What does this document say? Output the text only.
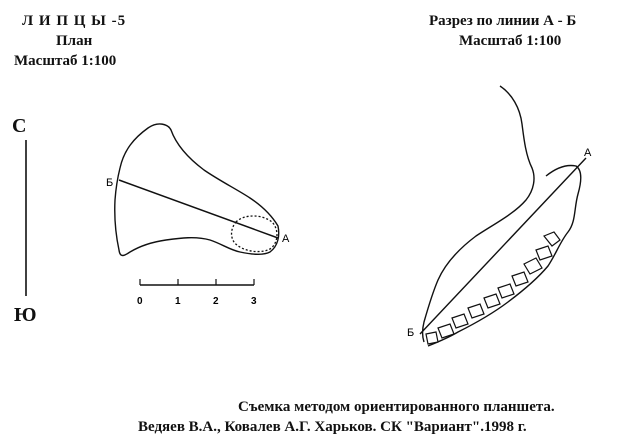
Л И П Ц Ы -5
План
Масштаб 1:100
Разрез по линии А - Б
Масштаб 1:100
С
Ю
Съемка методом ориентированного планшета.
Ведяев В.А., Ковалев А.Г. Харьков. СК "Вариант".1998 г.
Б
А
0	1	2	3
А
Б
